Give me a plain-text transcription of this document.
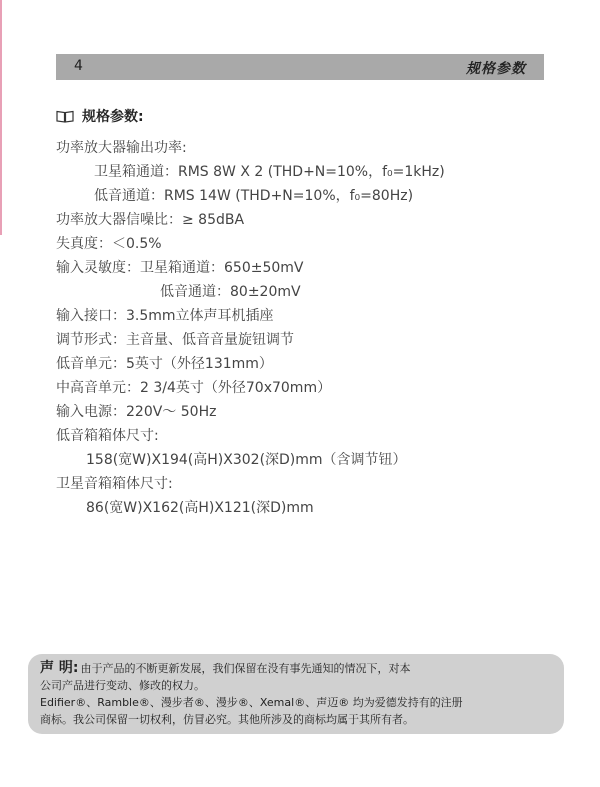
4	规格参数
规格参数:
功率放大器输出功率:
卫星箱通道：RMS 8W X 2 (THD+N=10%，f₀=1kHz)
低音通道：RMS 14W (THD+N=10%，f₀=80Hz)
功率放大器信噪比：≥ 85dBA
失真度：＜0.5%
输入灵敏度：卫星箱通道：650±50mV
低音通道：80±20mV
输入接口：3.5mm立体声耳机插座
调节形式：主音量、低音音量旋钮调节
低音单元：5英寸（外径131mm）
中高音单元：2 3/4英寸（外径70x70mm）
输入电源：220V～ 50Hz
低音箱箱体尺寸:
158(宽W)X194(高H)X302(深D)mm（含调节钮）
卫星音箱箱体尺寸:
86(宽W)X162(高H)X121(深D)mm

声 明: 由于产品的不断更新发展，我们保留在没有事先通知的情况下，对本

公司产品进行变动、修改的权力。

Edifier®、Ramble®、漫步者®、漫步®、Xemal®、声迈® 均为爱德发持有的注册

商标。我公司保留一切权利，仿冒必究。其他所涉及的商标均属于其所有者。
